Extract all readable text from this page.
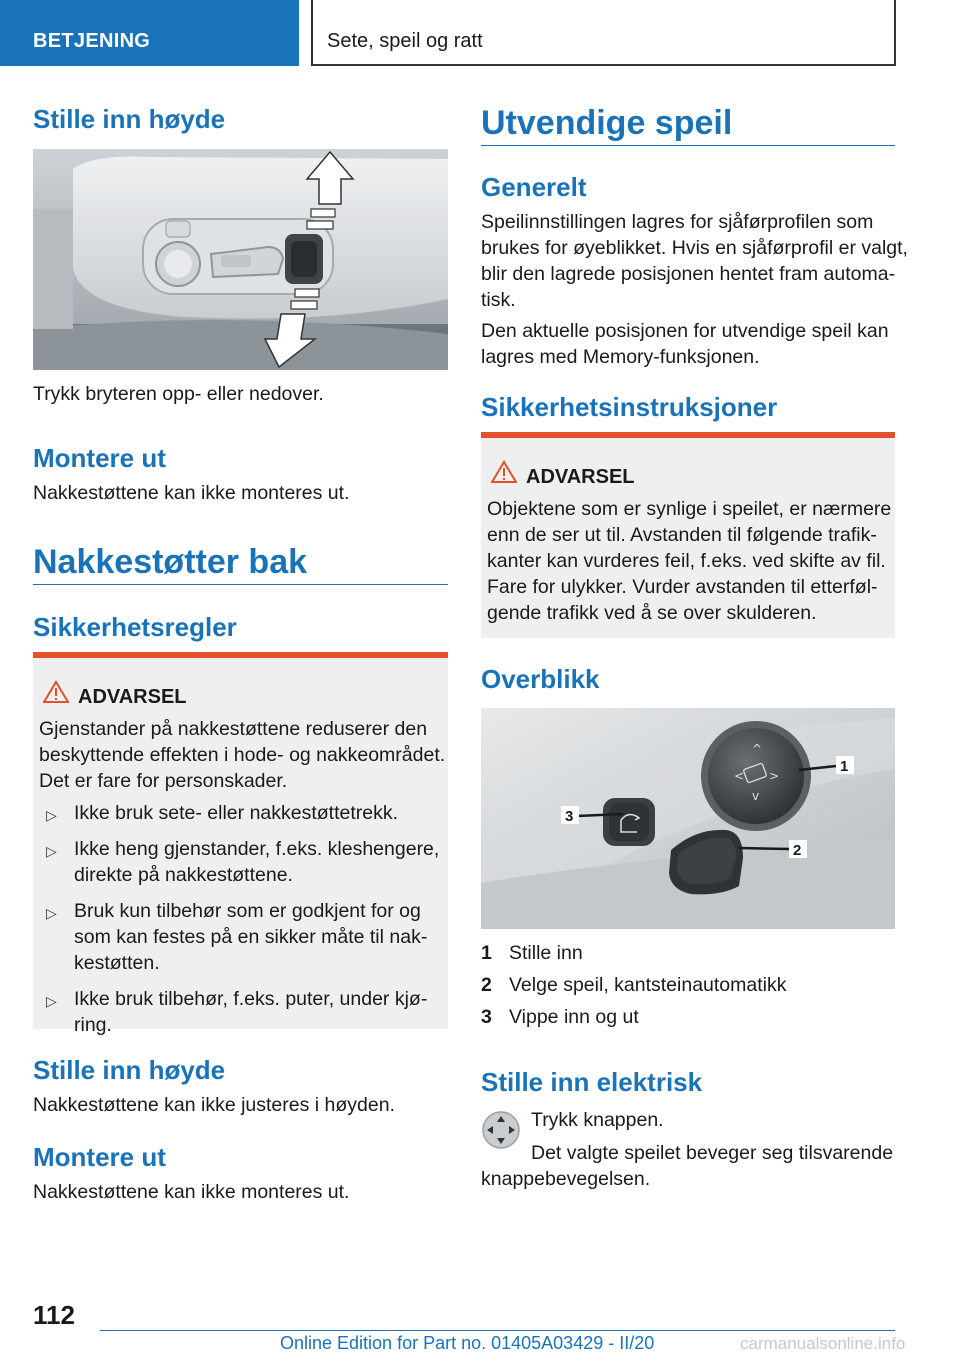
BETJENING	Sete, speil og ratt
Stille inn høyde
Trykk bryteren opp- eller nedover.
Montere ut
Nakkestøttene kan ikke monteres ut.
Nakkestøtter bak
Sikkerhetsregler
ADVARSEL
Gjenstander på nakkestøttene reduserer den
beskyttende effekten i hode- og nakkeområdet.
Det er fare for personskader.
▷ Ikke bruk sete- eller nakkestøttetrekk.
▷ Ikke heng gjenstander, f.eks. kleshengere,
direkte på nakkestøttene.
▷ Bruk kun tilbehør som er godkjent for og
som kan festes på en sikker måte til nak-
kestøtten.
▷ Ikke bruk tilbehør, f.eks. puter, under kjø-
ring.
Stille inn høyde
Nakkestøttene kan ikke justeres i høyden.
Montere ut
Nakkestøttene kan ikke monteres ut.
Utvendige speil
Generelt
Speilinnstillingen lagres for sjåførprofilen som
brukes for øyeblikket. Hvis en sjåførprofil er valgt,
blir den lagrede posisjonen hentet fram automa-
tisk.
Den aktuelle posisjonen for utvendige speil kan
lagres med Memory-funksjonen.
Sikkerhetsinstruksjoner
ADVARSEL
Objektene som er synlige i speilet, er nærmere
enn de ser ut til. Avstanden til følgende trafik-
kanter kan vurderes feil, f.eks. ved skifte av fil.
Fare for ulykker. Vurder avstanden til etterføl-
gende trafikk ved å se over skulderen.
Overblikk
^
< >
v
1
2
3
1 Stille inn
2 Velge speil, kantsteinautomatikk
3 Vippe inn og ut
Stille inn elektrisk
Trykk knappen.
Det valgte speilet beveger seg tilsvarende
knappebevegelsen.
112
Online Edition for Part no. 01405A03429 - II/20	carmanualsonline.info
